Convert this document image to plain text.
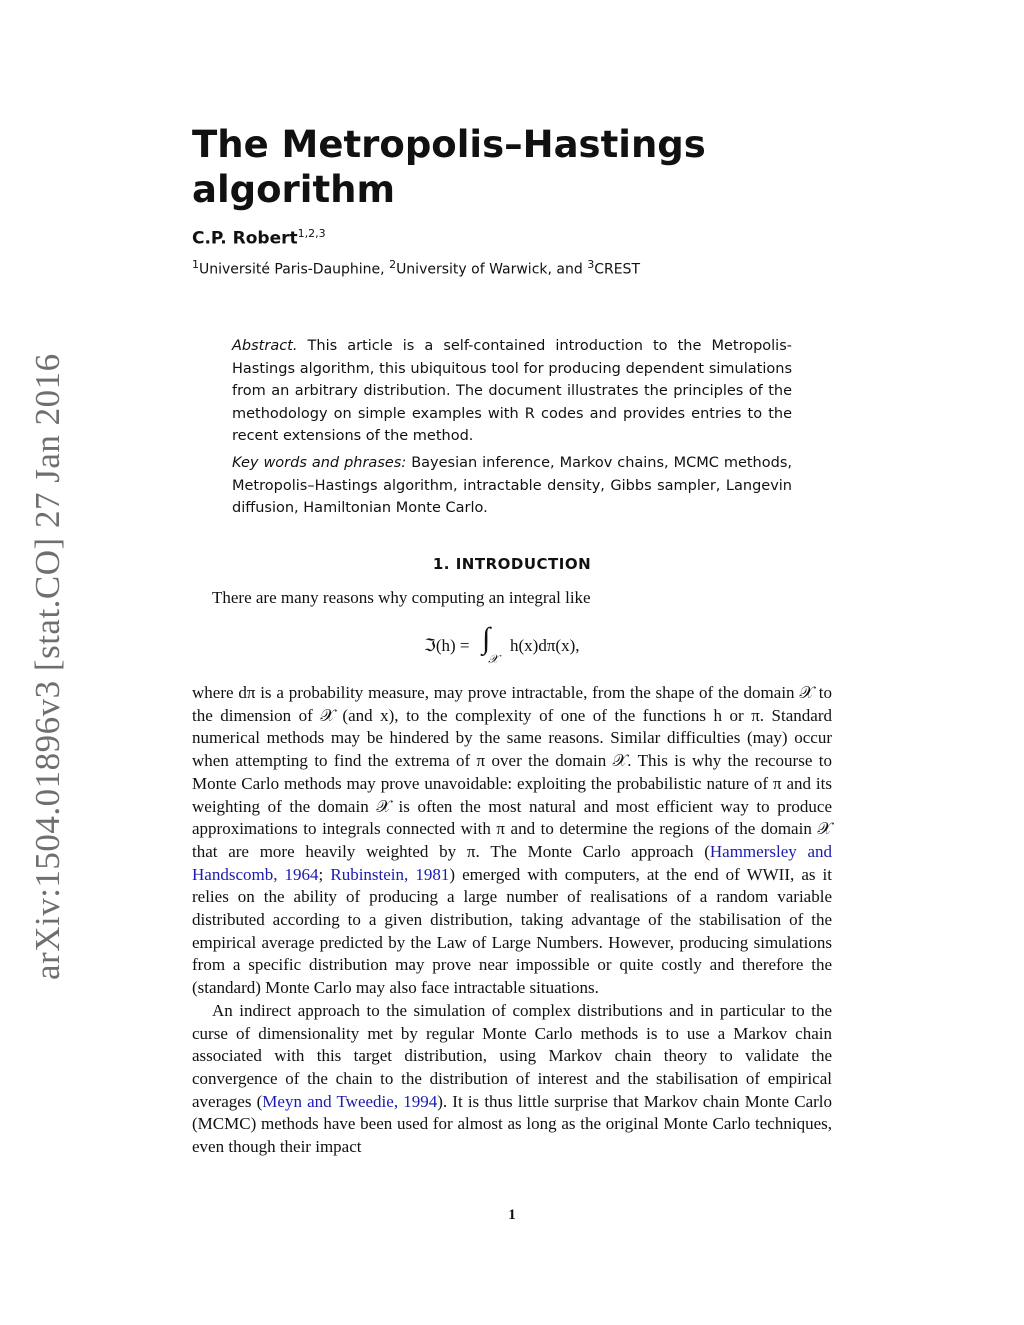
arXiv:1504.01896v3 [stat.CO] 27 Jan 2016
The Metropolis–Hastings algorithm
C.P. Robert$^{1,2,3}$
$^1$Université Paris-Dauphine, $^2$University of Warwick, and $^3$CREST

Abstract. This article is a self-contained introduction to the Metropolis-Hastings algorithm, this ubiquitous tool for producing dependent simulations from an arbitrary distribution. The document illustrates the principles of the methodology on simple examples with R codes and provides entries to the recent extensions of the method.

Key words and phrases: Bayesian inference, Markov chains, MCMC methods, Metropolis–Hastings algorithm, intractable density, Gibbs sampler, Langevin diffusion, Hamiltonian Monte Carlo.

1. INTRODUCTION
There are many reasons why computing an integral like
ℑ(h) = ∫
𝒳
h(x)dπ(x),

where dπ is a probability measure, may prove intractable, from the shape of the domain 𝒳 to the dimension of 𝒳 (and x), to the complexity of one of the functions h or π. Standard numerical methods may be hindered by the same reasons. Similar difficulties (may) occur when attempting to find the extrema of π over the domain 𝒳. This is why the recourse to Monte Carlo methods may prove unavoidable: exploiting the probabilistic nature of π and its weighting of the domain 𝒳 is often the most natural and most efficient way to produce approximations to integrals connected with π and to determine the regions of the domain 𝒳 that are more heavily weighted by π. The Monte Carlo approach (Hammersley and Handscomb, 1964; Rubinstein, 1981) emerged with computers, at the end of WWII, as it relies on the ability of producing a large number of realisations of a random variable distributed according to a given distribution, taking advantage of the stabilisation of the empirical average predicted by the Law of Large Numbers. However, producing simulations from a specific distribution may prove near impossible or quite costly and therefore the (standard) Monte Carlo may also face intractable situations.

An indirect approach to the simulation of complex distributions and in particular to the curse of dimensionality met by regular Monte Carlo methods is to use a Markov chain associated with this target distribution, using Markov chain theory to validate the convergence of the chain to the distribution of interest and the stabilisation of empirical averages (Meyn and Tweedie, 1994). It is thus little surprise that Markov chain Monte Carlo (MCMC) methods have been used for almost as long as the original Monte Carlo techniques, even though their impact

1
